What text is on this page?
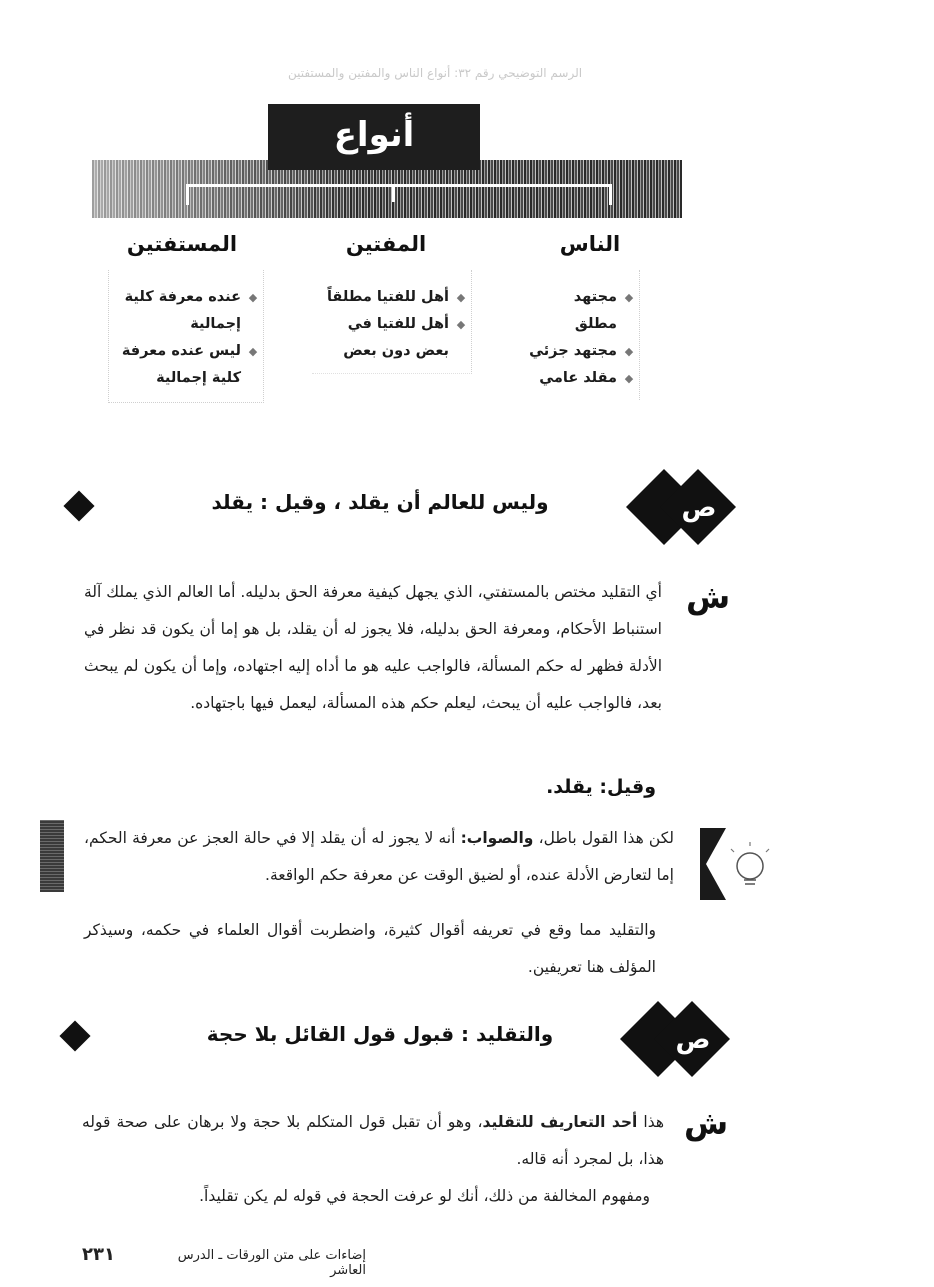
الرسم التوضيحي رقم ٣٢: أنواع الناس والمفتين والمستفتين
أنواع
الناس
المفتين
المستفتين
◆
مجتهد مطلق
◆
مجتهد جزئي
◆
مقلد عامي
◆
أهل للفتيا مطلقاً
◆
أهل للفتيا في بعض دون بعض
◆
عنده معرفة كلية إجمالية
◆
ليس عنده معرفة كلية إجمالية
ص
وليس للعالم أن يقلد ، وقيل : يقلد
ش
أي التقليد مختص بالمستفتي، الذي يجهل كيفية معرفة الحق بدليله. أما العالم الذي يملك آلة استنباط الأحكام، ومعرفة الحق بدليله، فلا يجوز له أن يقلد، بل هو إما أن يكون قد نظر في الأدلة فظهر له حكم المسألة، فالواجب عليه هو ما أداه إليه اجتهاده، وإما أن يكون لم يبحث بعد، فالواجب عليه أن يبحث، ليعلم حكم هذه المسألة، ليعمل فيها باجتهاده.
وقيل: يقلد.
لكن هذا القول باطل، والصواب: أنه لا يجوز له أن يقلد إلا في حالة العجز عن معرفة الحكم، إما لتعارض الأدلة عنده، أو لضيق الوقت عن معرفة حكم الواقعة.
والتقليد مما وقع في تعريفه أقوال كثيرة، واضطربت أقوال العلماء في حكمه، وسيذكر المؤلف هنا تعريفين.
ص
والتقليد : قبول قول القائل بلا حجة
ش
هذا أحد التعاريف للتقليد، وهو أن تقبل قول المتكلم بلا حجة ولا برهان على صحة قوله هذا، بل لمجرد أنه قاله.
ومفهوم المخالفة من ذلك، أنك لو عرفت الحجة في قوله لم يكن تقليداً.
إضاءات على متن الورقات ـ الدرس العاشر
٢٣١
